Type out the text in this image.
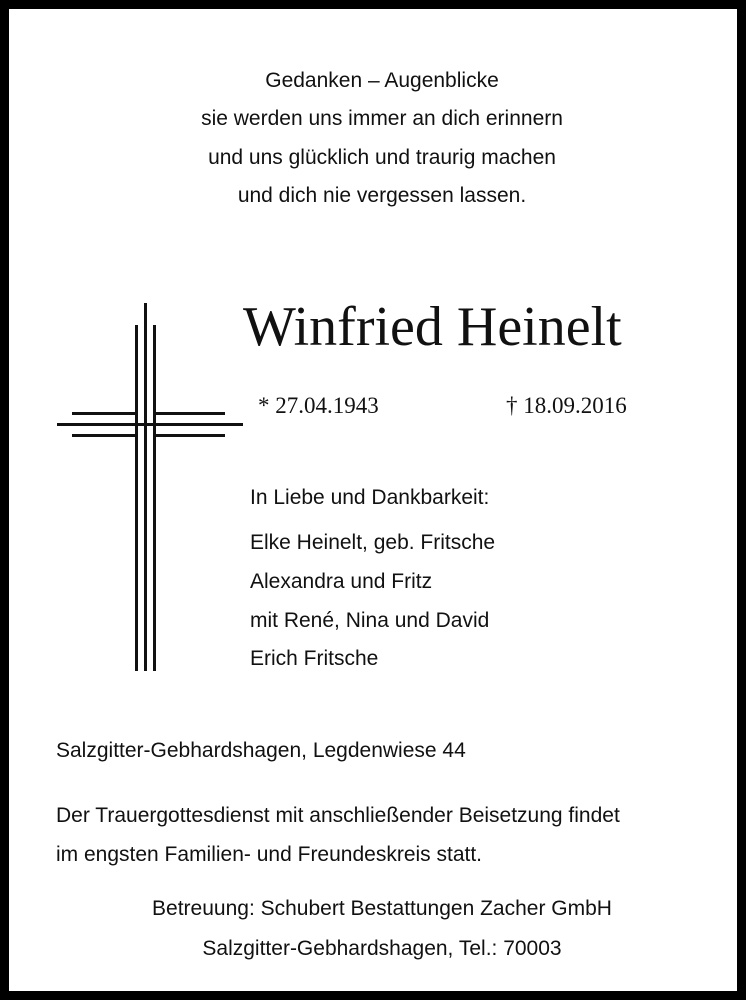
Gedanken – Augenblicke
sie werden uns immer an dich erinnern
und uns glücklich und traurig machen
und dich nie vergessen lassen.
Winfried Heinelt
* 27.04.1943	† 18.09.2016
In Liebe und Dankbarkeit:
Elke Heinelt, geb. Fritsche
Alexandra und Fritz
mit René, Nina und David
Erich Fritsche
Salzgitter-Gebhardshagen, Legdenwiese 44
Der Trauergottesdienst mit anschließender Beisetzung findet
im engsten Familien- und Freundeskreis statt.
Betreuung: Schubert Bestattungen Zacher GmbH
Salzgitter-Gebhardshagen, Tel.: 70003
